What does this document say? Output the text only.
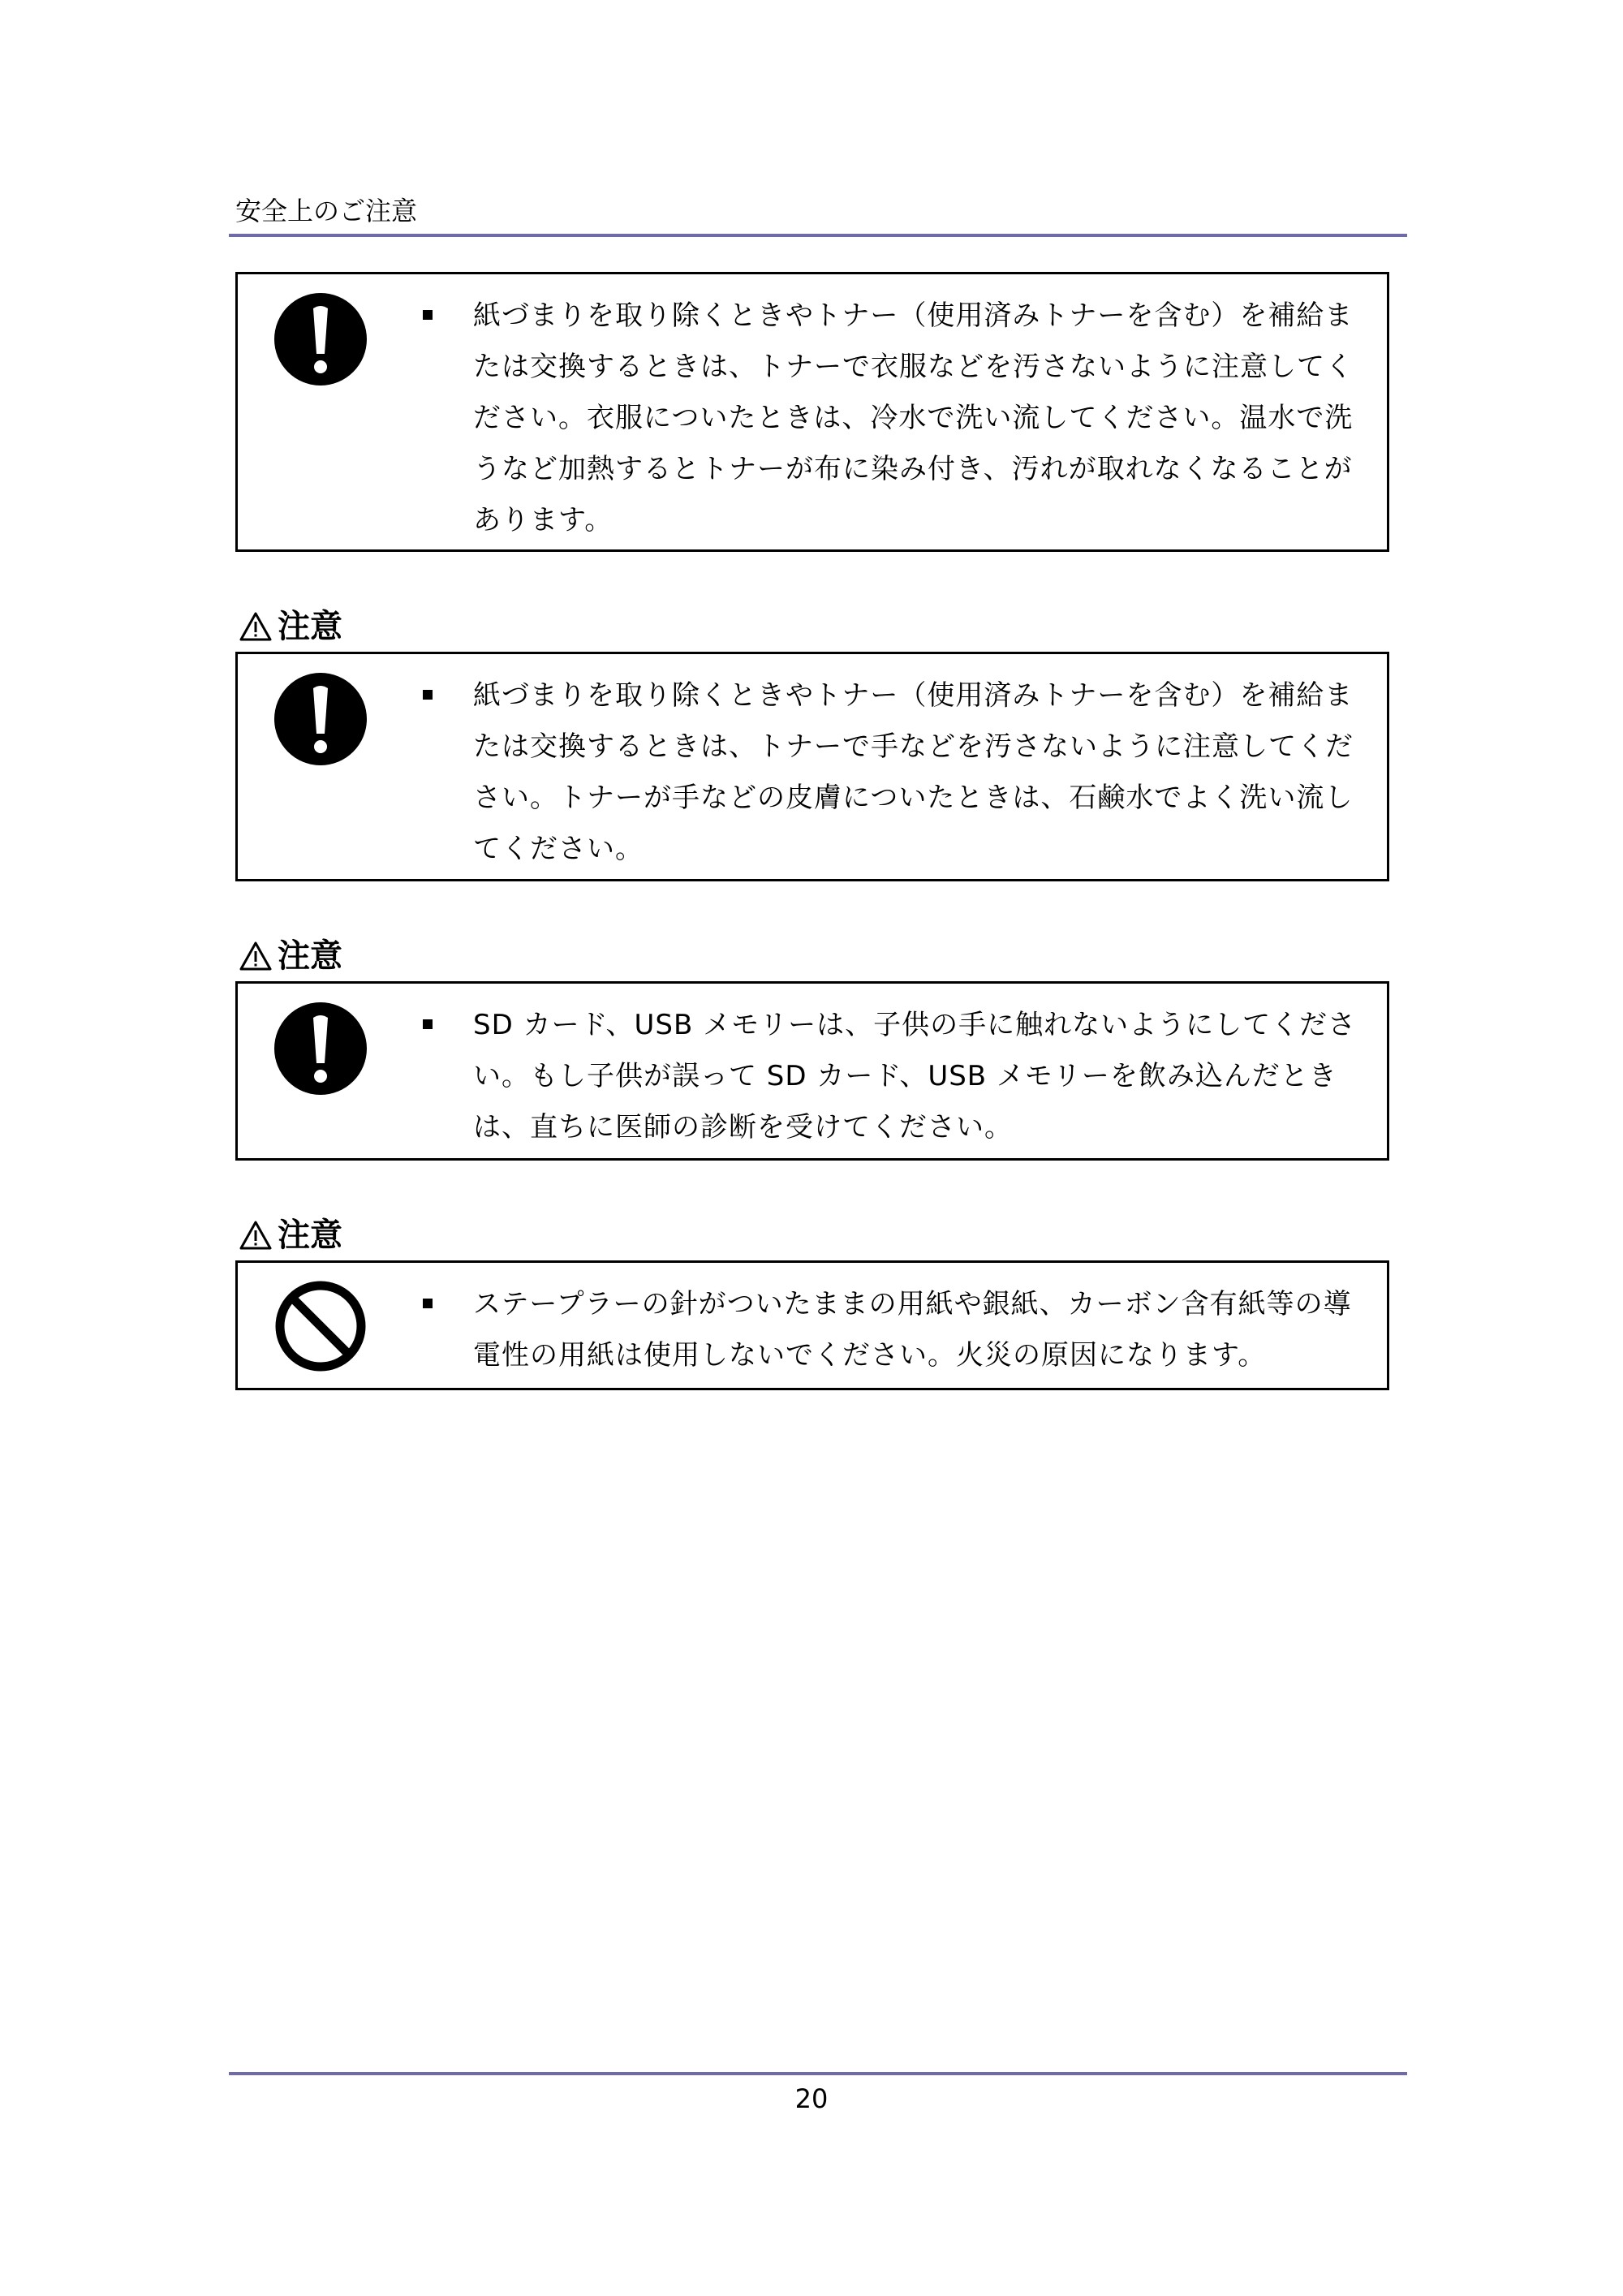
安全上のご注意
紙づまりを取り除くときやトナー（使用済みトナーを含む）を補給または交換するときは、トナーで衣服などを汚さないように注意してください。衣服についたときは、冷水で洗い流してください。温水で洗うなど加熱するとトナーが布に染み付き、汚れが取れなくなることがあります。
注意
紙づまりを取り除くときやトナー（使用済みトナーを含む）を補給または交換するときは、トナーで手などを汚さないように注意してください。トナーが手などの皮膚についたときは、石鹸水でよく洗い流してください。
注意
SD カード、USB メモリーは、子供の手に触れないようにしてください。もし子供が誤って SD カード、USB メモリーを飲み込んだときは、直ちに医師の診断を受けてください。
注意
ステープラーの針がついたままの用紙や銀紙、カーボン含有紙等の導電性の用紙は使用しないでください。火災の原因になります。
20
